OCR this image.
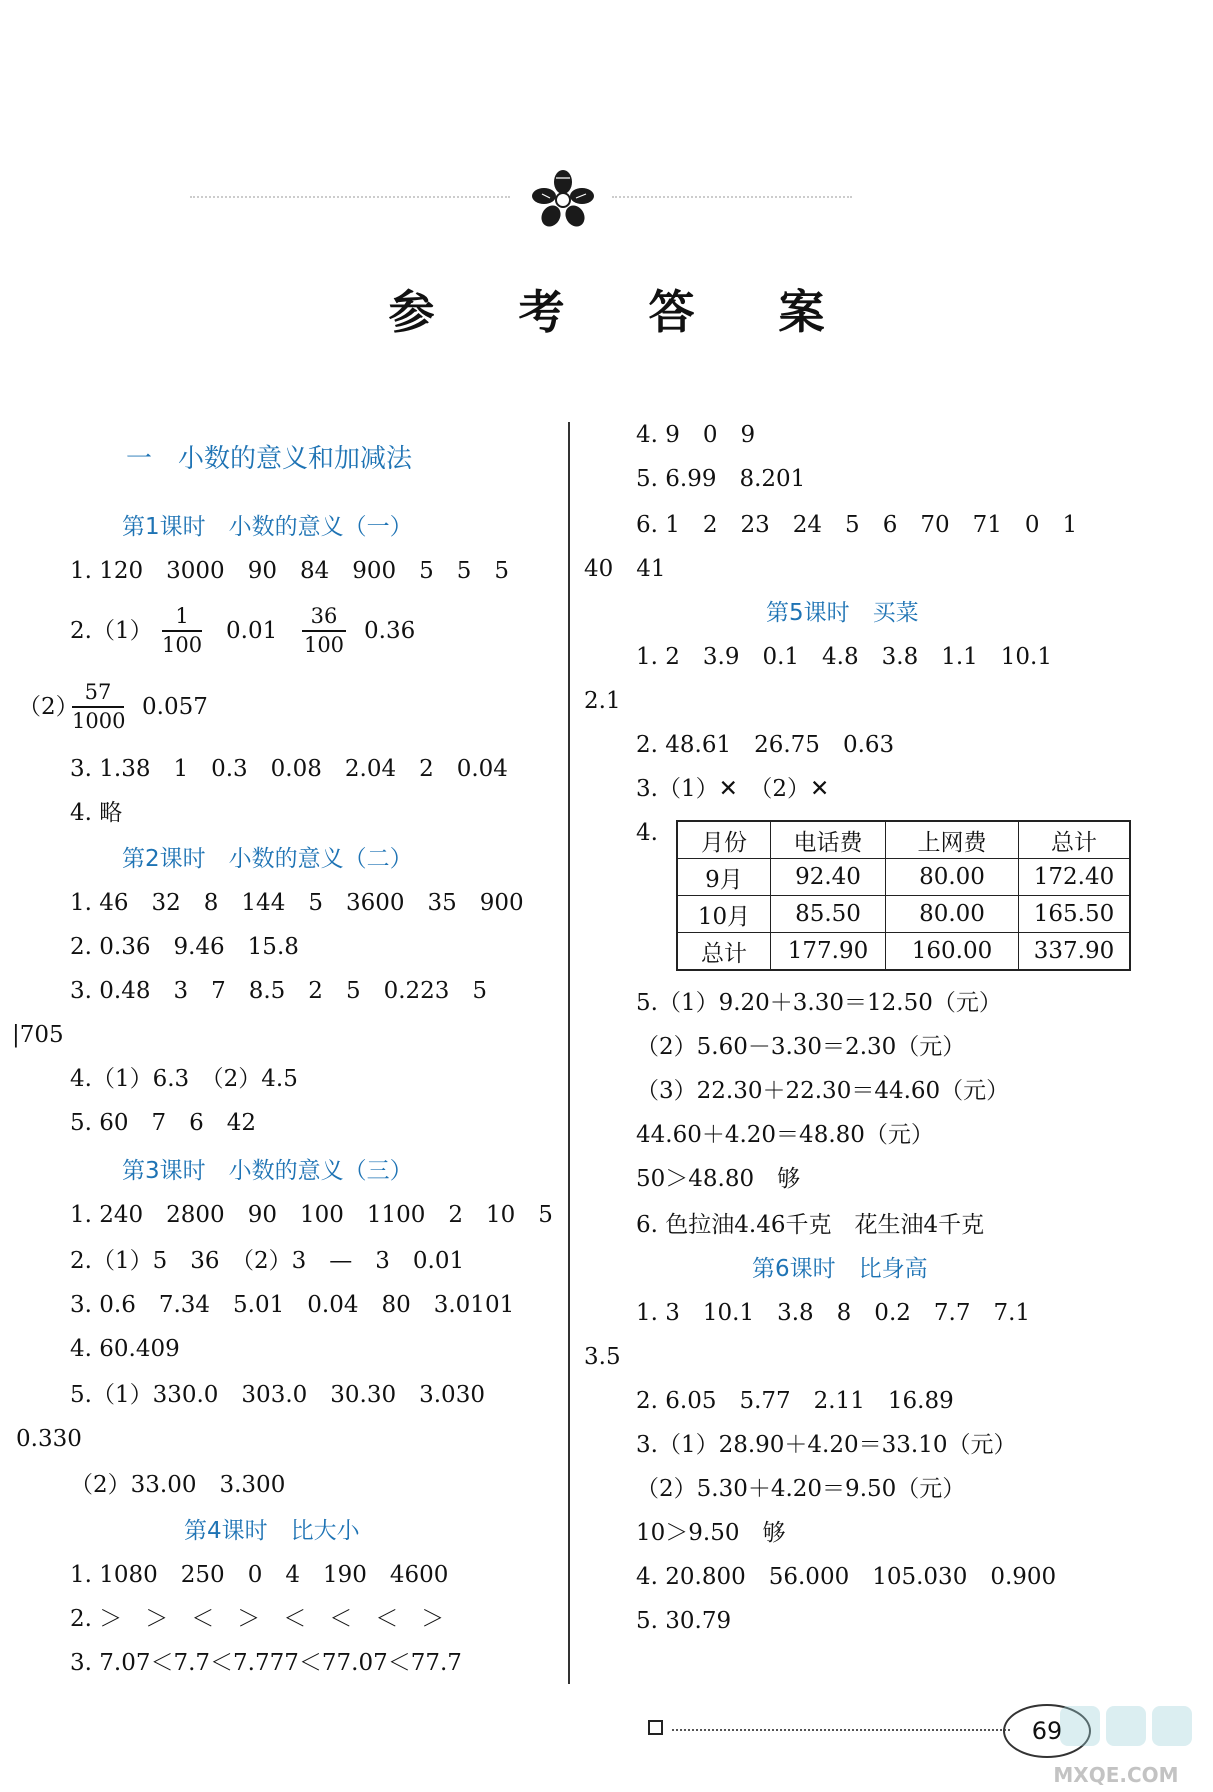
参 考 答 案
一　小数的意义和加减法
第1课时　小数的意义（一）
1. 120　3000　90　84　900　5　5　5
$2.(1) \frac{1}{100} 0.01 \frac{36}{100} 0.36$
（2）
$\frac{57}{1000} 0.057$
3. 1.38　1　0.3　0.08　2.04　2　0.04
4. 略
第2课时　小数的意义（二）
1. 46　32　8　144　5　3600　35　900
2. 0.36　9.46　15.8
3. 0.48　3　7　8.5　2　5　0.223　5
|705
4.（1）6.3　（2）4.5
5. 60　7　6　42
第3课时　小数的意义（三）
1. 240　2800　90　100　1100　2　10　5
2.（1）5　36　（2）3　—　3　0.01
3. 0.6　7.34　5.01　0.04　80　3.0101
4. 60.409
5.（1）330.0　303.0　30.30　3.030
0.330
（2）33.00　3.300
第4课时　比大小
1. 1080　250　0　4　190　4600
2. ＞　＞　＜　＞　＜　＜　＜　＞
3. 7.07＜7.7＜7.777＜77.07＜77.7
4. 9　0　9
5. 6.99　8.201
6. 1　2　23　24　5　6　70　71　0　1
40　41
第5课时　买菜
1. 2　3.9　0.1　4.8　3.8　1.1　10.1
2.1
2. 48.61　26.75　0.63
3.（1）✕　（2）✕
4. 月份	电话费	上网费	总计
9月	92.40	80.00	172.40
10月	85.50	80.00	165.50
总计	177.90	160.00	337.90
5.（1）9.20＋3.30＝12.50（元）
（2）5.60－3.30＝2.30（元）
（3）22.30＋22.30＝44.60（元）
44.60＋4.20＝48.80（元）
50＞48.80　够
6. 色拉油4.46千克　花生油4千克
第6课时　比身高
1. 3　10.1　3.8　8　0.2　7.7　7.1
3.5
2. 6.05　5.77　2.11　16.89
3.（1）28.90＋4.20＝33.10（元）
（2）5.30＋4.20＝9.50（元）
10＞9.50　够
4. 20.800　56.000　105.030　0.900
5. 30.79
69
MXQE.COM
